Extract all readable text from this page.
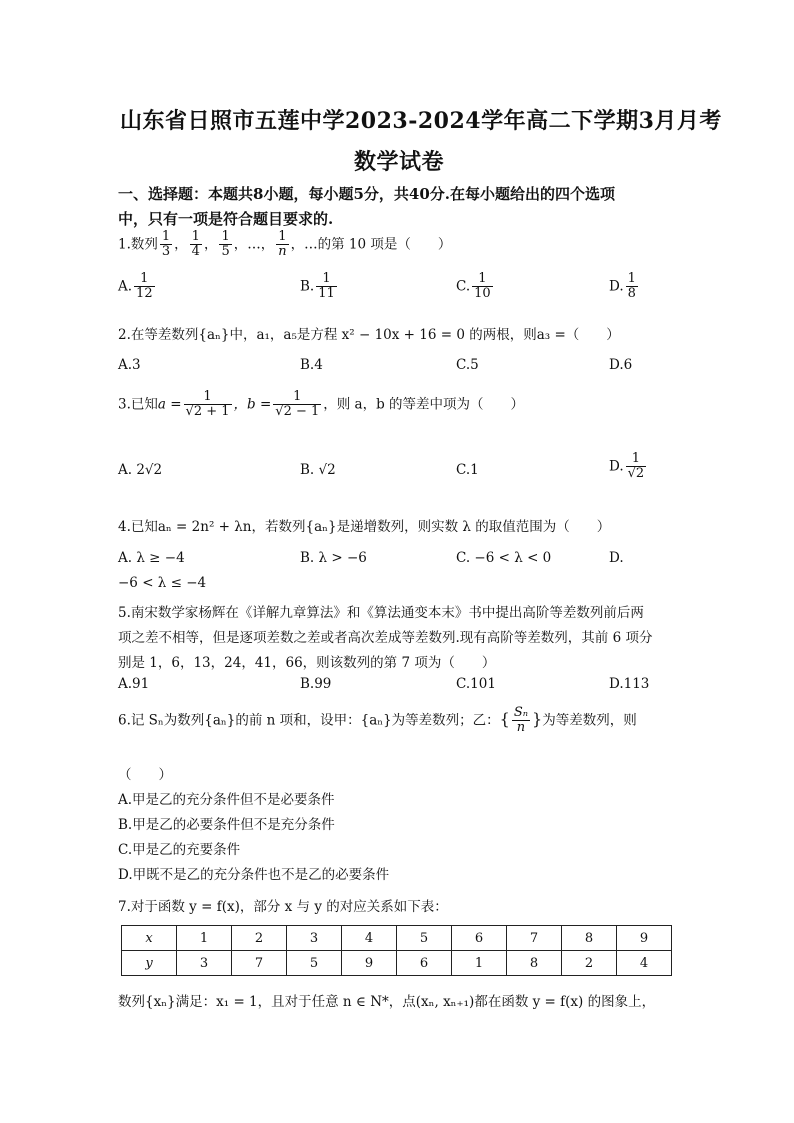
山东省日照市五莲中学2023-2024学年高二下学期3月月考
数学试卷
一、选择题：本题共8小题，每小题5分，共40分.在每小题给出的四个选项
中，只有一项是符合题目要求的.
1.数列 $\frac{1}{3}$ ， $\frac{1}{4}$ ， $\frac{1}{5}$ ，…， $\frac{1}{n}$ ，…的第 10 项是（　　）
A. $\frac{1}{12}$	B. $\frac{1}{11}$	C. $\frac{1}{10}$	D. $\frac{1}{8}$
2.在等差数列{aₙ}中，a₁，a₅是方程 x² − 10x + 16 = 0 的两根，则a₃ =（　　）
A.3	B.4	C.5	D.6
3.已知$a = \frac{1}{√2 + 1}$ ，$b = \frac{1}{√2 - 1}$ ，则 a，b 的等差中项为（　　）
A. 2√2	B. √2	C.1	D. $\frac{1}{√2}$
4.已知aₙ = 2n² + λn，若数列{aₙ}是递增数列，则实数 λ 的取值范围为（　　）
A. λ ≥ −4	B. λ > −6	C. −6 < λ < 0	D.
−6 < λ ≤ −4
5.南宋数学家杨辉在《详解九章算法》和《算法通变本末》书中提出高阶等差数列前后两
项之差不相等，但是逐项差数之差或者高次差成等差数列.现有高阶等差数列，其前 6 项分
别是 1，6，13，24，41，66，则该数列的第 7 项为（　　）
A.91	B.99	C.101	D.113
6.记 Sₙ为数列{aₙ}的前 n 项和，设甲：{aₙ}为等差数列；乙：{ $\frac{\text{Sₙ}}{n}$ }为等差数列，则
（　　）
A.甲是乙的充分条件但不是必要条件
B.甲是乙的必要条件但不是充分条件
C.甲是乙的充要条件
D.甲既不是乙的充分条件也不是乙的必要条件
7.对于函数 y = f(x)，部分 x 与 y 的对应关系如下表：
x	1	2	3	4	5	6	7	8	9
y	3	7	5	9	6	1	8	2	4
数列{xₙ}满足：x₁ = 1，且对于任意 n ∈ N*，点(xₙ, xₙ₊₁)都在函数 y = f(x) 的图象上，
